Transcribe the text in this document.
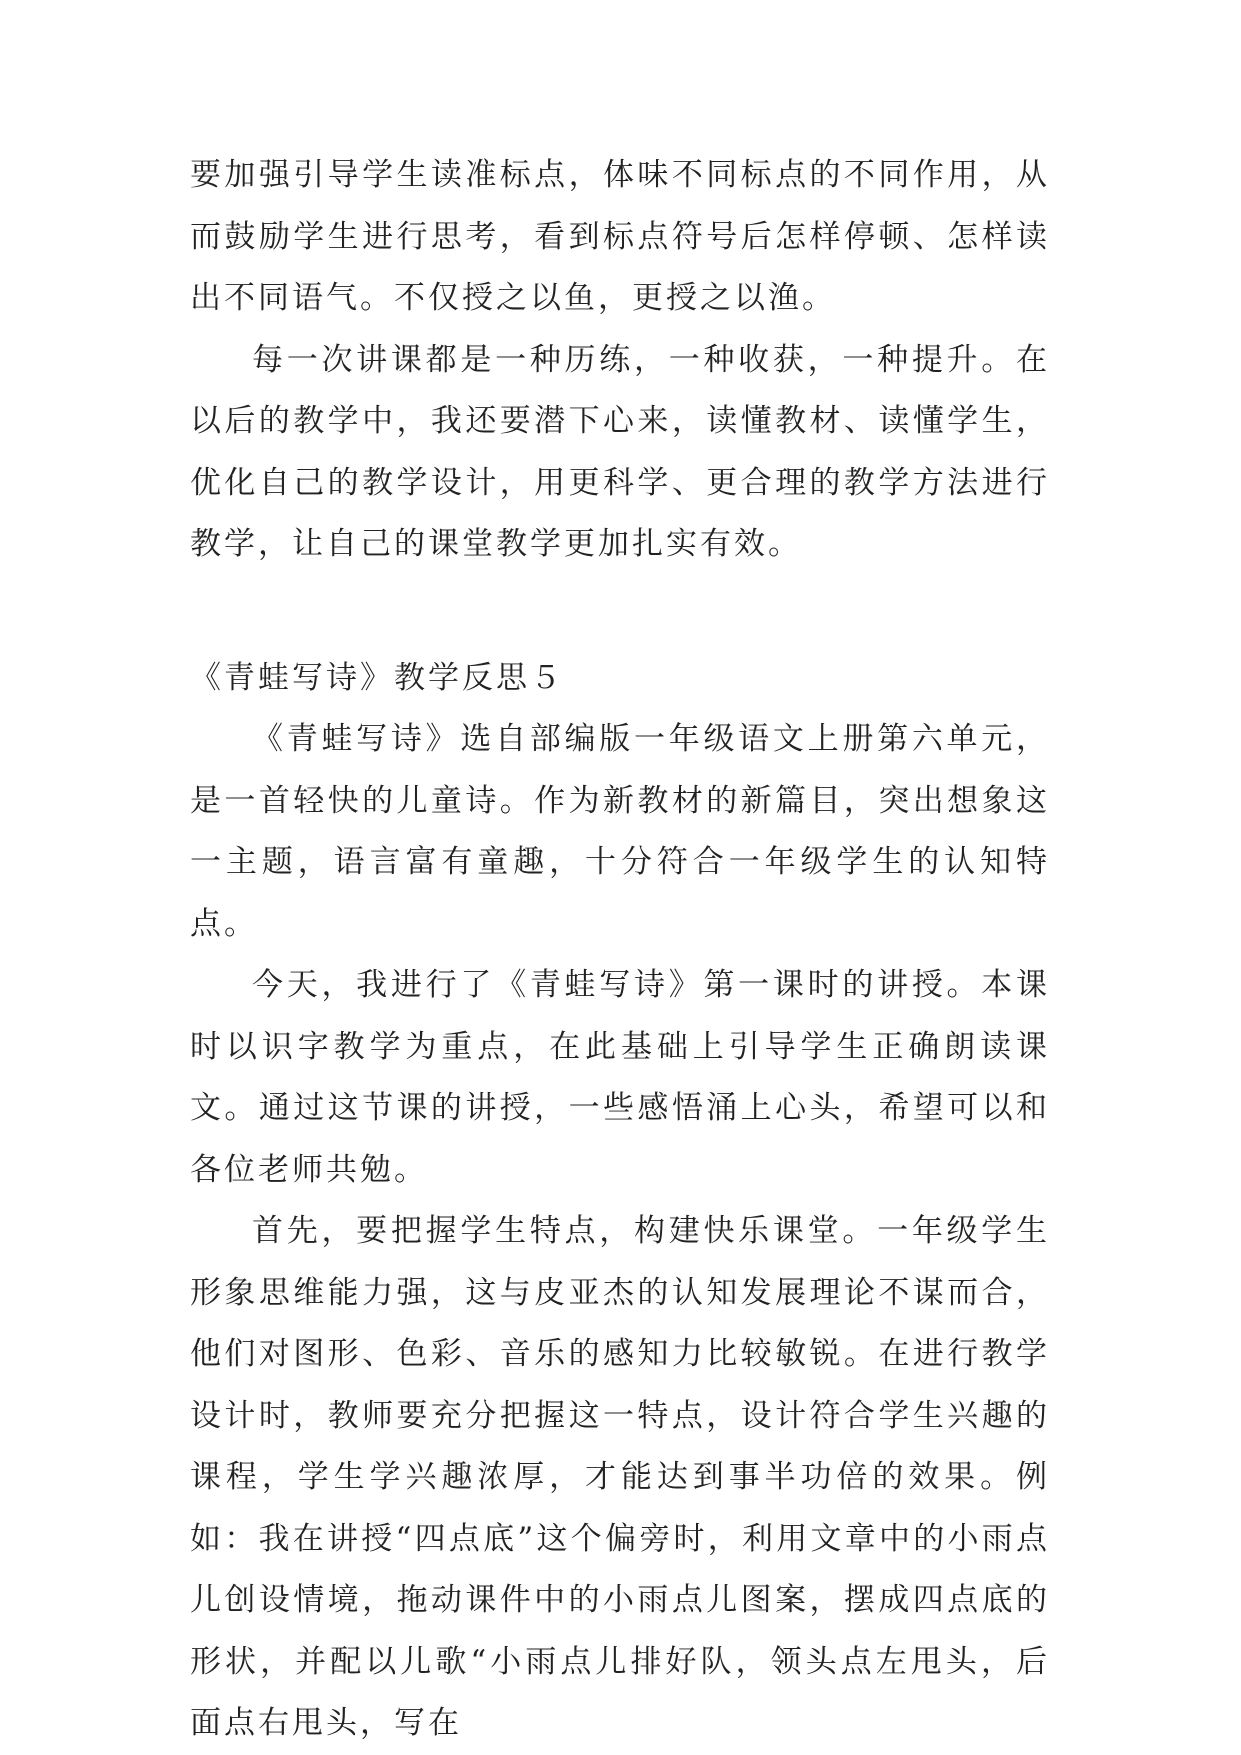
要加强引导学生读准标点，体味不同标点的不同作用，从而鼓励学生进行思考，看到标点符号后怎样停顿、怎样读出不同语气。不仅授之以鱼，更授之以渔。

每一次讲课都是一种历练，一种收获，一种提升。在以后的教学中，我还要潜下心来，读懂教材、读懂学生，优化自己的教学设计，用更科学、更合理的教学方法进行教学，让自己的课堂教学更加扎实有效。

《青蛙写诗》教学反思５

《青蛙写诗》选自部编版一年级语文上册第六单元，是一首轻快的儿童诗。作为新教材的新篇目，突出想象这一主题，语言富有童趣，十分符合一年级学生的认知特点。

今天，我进行了《青蛙写诗》第一课时的讲授。本课时以识字教学为重点，在此基础上引导学生正确朗读课文。通过这节课的讲授，一些感悟涌上心头，希望可以和各位老师共勉。

首先，要把握学生特点，构建快乐课堂。一年级学生形象思维能力强，这与皮亚杰的认知发展理论不谋而合，他们对图形、色彩、音乐的感知力比较敏锐。在进行教学设计时，教师要充分把握这一特点，设计符合学生兴趣的课程，学生学兴趣浓厚，才能达到事半功倍的效果。例如：我在讲授“四点底”这个偏旁时，利用文章中的小雨点儿创设情境，拖动课件中的小雨点儿图案，摆成四点底的形状，并配以儿歌“小雨点儿排好队，领头点左甩头，后面点右甩头，写在
